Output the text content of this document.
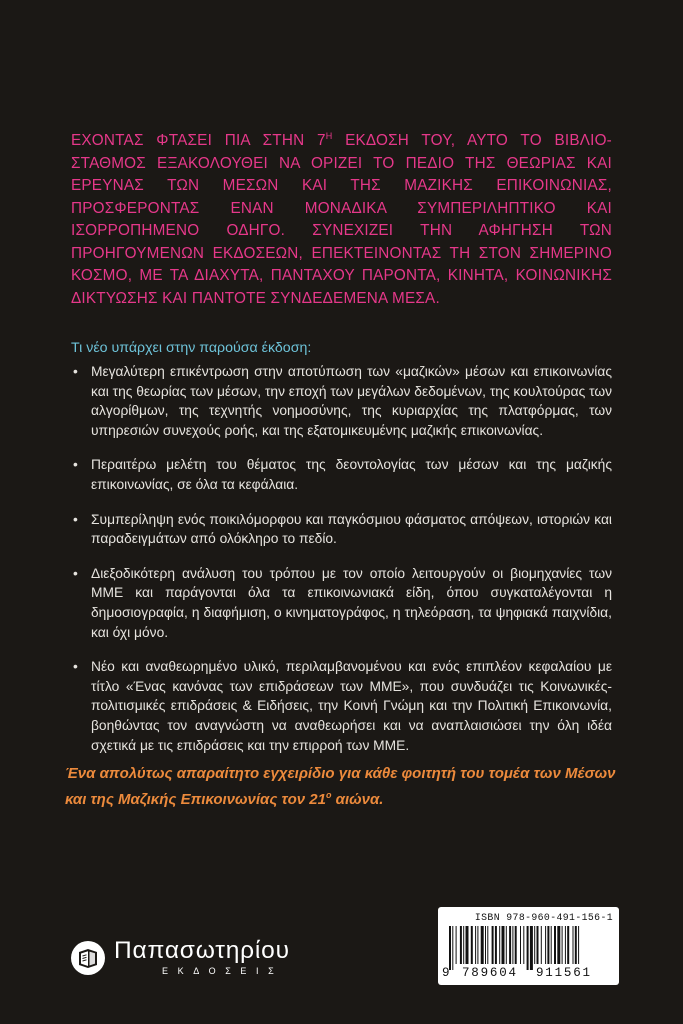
ΕΧΟΝΤΑΣ ΦΤΑΣΕΙ ΠΙΑ ΣΤΗΝ $7^H$ ΕΚΔΟΣΗ ΤΟΥ, ΑΥΤΟ ΤΟ ΒΙΒΛΙΟ-ΣΤΑΘΜΟΣ ΕΞΑΚΟΛΟΥΘΕΙ ΝΑ ΟΡΙΖΕΙ ΤΟ ΠΕΔΙΟ ΤΗΣ ΘΕΩΡΙΑΣ ΚΑΙ ΕΡΕΥΝΑΣ ΤΩΝ ΜΕΣΩΝ ΚΑΙ ΤΗΣ ΜΑΖΙΚΗΣ ΕΠΙΚΟΙΝΩΝΙΑΣ, ΠΡΟΣΦΕΡΟΝΤΑΣ ΕΝΑΝ ΜΟΝΑΔΙΚΑ ΣΥΜΠΕΡΙΛΗΠΤΙΚΟ ΚΑΙ ΙΣΟΡΡΟΠΗΜΕΝΟ ΟΔΗΓΟ. ΣΥΝΕΧΙΖΕΙ ΤΗΝ ΑΦΗΓΗΣΗ ΤΩΝ ΠΡΟΗΓΟΥΜΕΝΩΝ ΕΚΔΟΣΕΩΝ, ΕΠΕΚΤΕΙΝΟΝΤΑΣ ΤΗ ΣΤΟΝ ΣΗΜΕΡΙΝΟ ΚΟΣΜΟ, ΜΕ ΤΑ ΔΙΑΧΥΤΑ, ΠΑΝΤΑΧΟΥ ΠΑΡΟΝΤΑ, ΚΙΝΗΤΑ, ΚΟΙΝΩΝΙΚΗΣ ΔΙΚΤΥΩΣΗΣ ΚΑΙ ΠΑΝΤΟΤΕ ΣΥΝΔΕΔΕΜΕΝΑ ΜΕΣΑ.
Τι νέο υπάρχει στην παρούσα έκδοση:
• Μεγαλύτερη επικέντρωση στην αποτύπωση των «μαζικών» μέσων και επικοινωνίας και της θεωρίας των μέσων, την εποχή των μεγάλων δεδομένων, της κουλτούρας των αλγορίθμων, της τεχνητής νοημοσύνης, της κυριαρχίας της πλατφόρμας, των υπηρεσιών συνεχούς ροής, και της εξατομικευμένης μαζικής επικοινωνίας.
• Περαιτέρω μελέτη του θέματος της δεοντολογίας των μέσων και της μαζικής επικοινωνίας, σε όλα τα κεφάλαια.
• Συμπερίληψη ενός ποικιλόμορφου και παγκόσμιου φάσματος απόψεων, ιστοριών και παραδειγμάτων από ολόκληρο το πεδίο.
• Διεξοδικότερη ανάλυση του τρόπου με τον οποίο λειτουργούν οι βιομηχανίες των ΜΜΕ και παράγονται όλα τα επικοινωνιακά είδη, όπου συγκαταλέγονται η δημοσιογραφία, η διαφήμιση, ο κινηματογράφος, η τηλεόραση, τα ψηφιακά παιχνίδια, και όχι μόνο.
• Νέο και αναθεωρημένο υλικό, περιλαμβανομένου και ενός επιπλέον κεφαλαίου με τίτλο «Ένας κανόνας των επιδράσεων των ΜΜΕ», που συνδυάζει τις Κοινωνικές-πολιτισμικές επιδράσεις & Ειδήσεις, την Κοινή Γνώμη και την Πολιτική Επικοινωνία, βοηθώντας τον αναγνώστη να αναθεωρήσει και να αναπλαισιώσει την όλη ιδέα σχετικά με τις επιδράσεις και την επιρροή των ΜΜΕ.
Ένα απολύτως απαραίτητο εγχειρίδιο για κάθε φοιτητή του τομέα των Μέσων
και της Μαζικής Επικοινωνίας τον $21^o$ αιώνα.
Παπασωτηρίου
ΕΚΔΟΣΕΙΣ
ISBN 978-960-491-156-1
9 789604 911561
